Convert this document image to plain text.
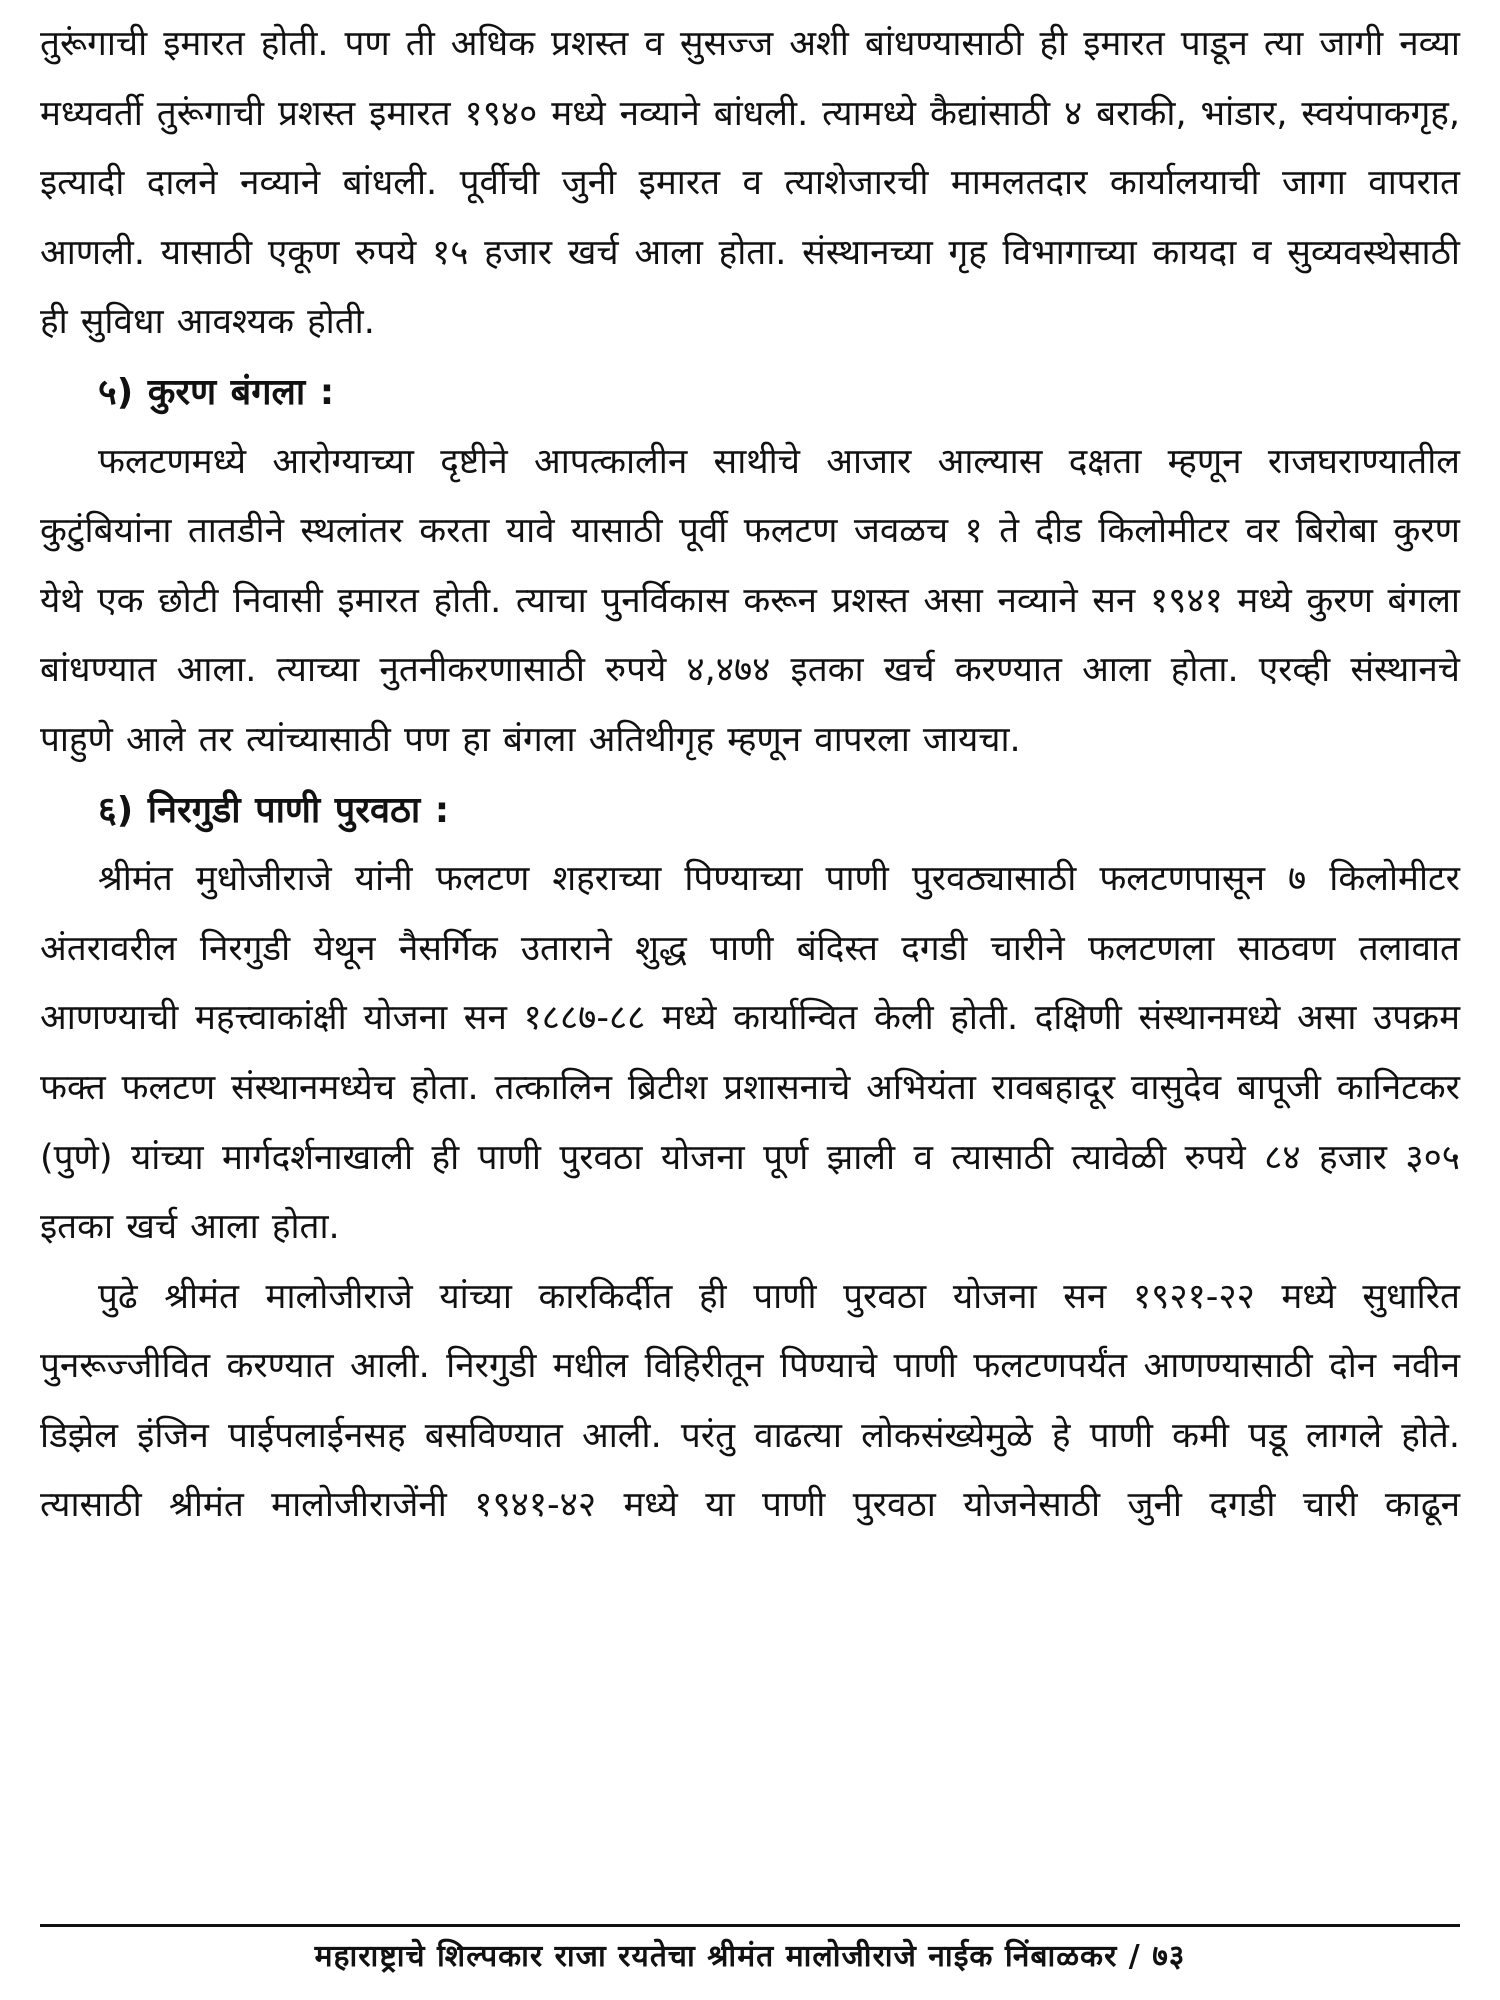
तुरूंगाची इमारत होती. पण ती अधिक प्रशस्त व सुसज्ज अशी बांधण्यासाठी ही इमारत पाडून त्या जागी नव्या मध्यवर्ती तुरूंगाची प्रशस्त इमारत १९४० मध्ये नव्याने बांधली. त्यामध्ये कैद्यांसाठी ४ बराकी, भांडार, स्वयंपाकगृह, इत्यादी दालने नव्याने बांधली. पूर्वीची जुनी इमारत व त्याशेजारची मामलतदार कार्यालयाची जागा वापरात आणली. यासाठी एकूण रुपये १५ हजार खर्च आला होता. संस्थानच्या गृह विभागाच्या कायदा व सुव्यवस्थेसाठी ही सुविधा आवश्यक होती.

५) कुरण बंगला :

फलटणमध्ये आरोग्याच्या दृष्टीने आपत्कालीन साथीचे आजार आल्यास दक्षता म्हणून राजघराण्यातील कुटुंबियांना तातडीने स्थलांतर करता यावे यासाठी पूर्वी फलटण जवळच १ ते दीड किलोमीटर वर बिरोबा कुरण येथे एक छोटी निवासी इमारत होती. त्याचा पुनर्विकास करून प्रशस्त असा नव्याने सन १९४१ मध्ये कुरण बंगला बांधण्यात आला. त्याच्या नुतनीकरणासाठी रुपये ४,४७४ इतका खर्च करण्यात आला होता. एरव्ही संस्थानचे पाहुणे आले तर त्यांच्यासाठी पण हा बंगला अतिथीगृह म्हणून वापरला जायचा.

६) निरगुडी पाणी पुरवठा :

श्रीमंत मुधोजीराजे यांनी फलटण शहराच्या पिण्याच्या पाणी पुरवठ्यासाठी फलटणपासून ७ किलोमीटर अंतरावरील निरगुडी येथून नैसर्गिक उताराने शुद्ध पाणी बंदिस्त दगडी चारीने फलटणला साठवण तलावात आणण्याची महत्त्वाकांक्षी योजना सन १८८७-८८ मध्ये कार्यान्वित केली होती. दक्षिणी संस्थानमध्ये असा उपक्रम फक्त फलटण संस्थानमध्येच होता. तत्कालिन ब्रिटीश प्रशासनाचे अभियंता रावबहादूर वासुदेव बापूजी कानिटकर (पुणे) यांच्या मार्गदर्शनाखाली ही पाणी पुरवठा योजना पूर्ण झाली व त्यासाठी त्यावेळी रुपये ८४ हजार ३०५ इतका खर्च आला होता.

पुढे श्रीमंत मालोजीराजे यांच्या कारकिर्दीत ही पाणी पुरवठा योजना सन १९२१-२२ मध्ये सुधारित पुनरूज्जीवित करण्यात आली. निरगुडी मधील विहिरीतून पिण्याचे पाणी फलटणपर्यंत आणण्यासाठी दोन नवीन डिझेल इंजिन पाईपलाईनसह बसविण्यात आली. परंतु वाढत्या लोकसंख्येमुळे हे पाणी कमी पडू लागले होते. त्यासाठी श्रीमंत मालोजीराजेंनी १९४१-४२ मध्ये या पाणी पुरवठा योजनेसाठी जुनी दगडी चारी काढून

महाराष्ट्राचे शिल्पकार राजा रयतेचा श्रीमंत मालोजीराजे नाईक निंबाळकर / ७३
